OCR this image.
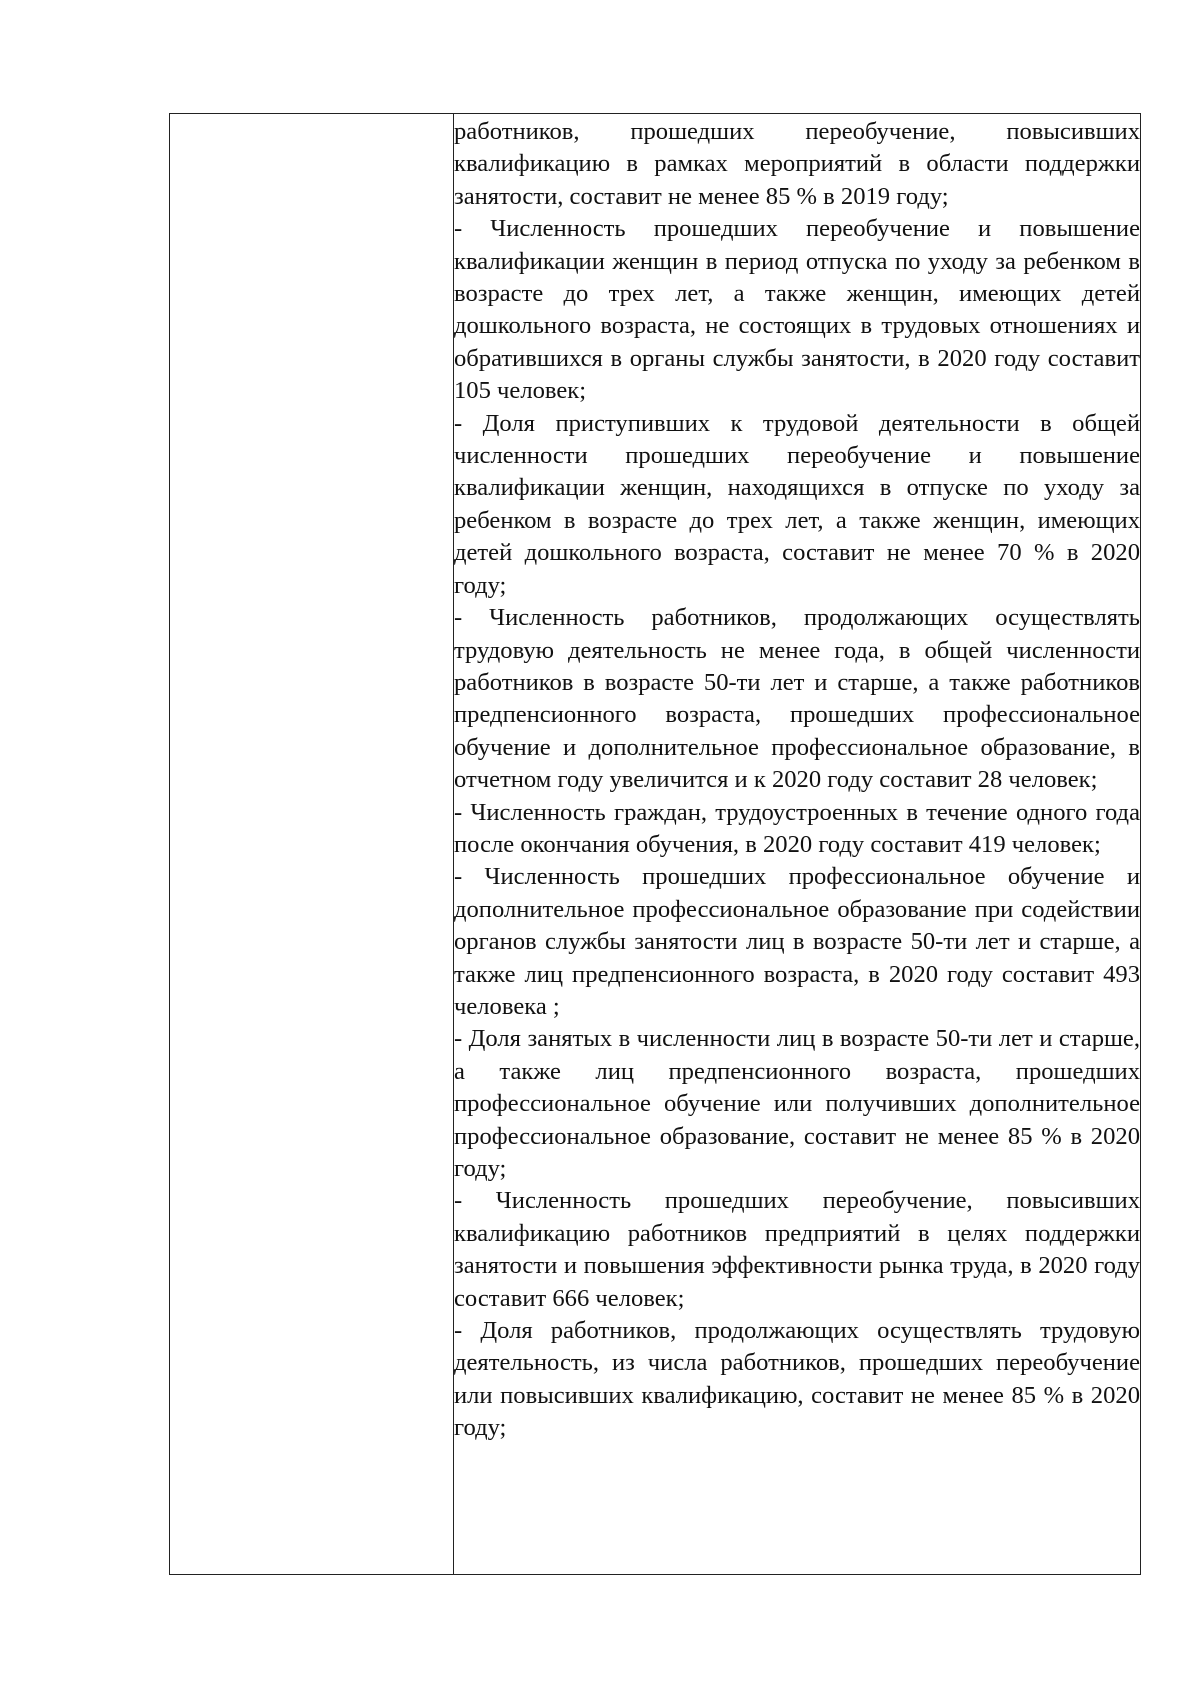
работников, прошедших переобучение, повысивших квалификацию в рамках мероприятий в области поддержки занятости, составит не менее 85 % в 2019 году;

- Численность прошедших переобучение и повышение квалификации женщин в период отпуска по уходу за ребенком в возрасте до трех лет, а также женщин, имеющих детей дошкольного возраста, не состоящих в трудовых отношениях и обратившихся в органы службы занятости, в 2020 году составит 105 человек;

- Доля приступивших к трудовой деятельности в общей численности прошедших переобучение и повышение квалификации женщин, находящихся в отпуске по уходу за ребенком в возрасте до трех лет, а также женщин, имеющих детей дошкольного возраста, составит не менее 70 % в 2020 году;

- Численность работников, продолжающих осуществлять трудовую деятельность не менее года, в общей численности работников в возрасте 50-ти лет и старше, а также работников предпенсионного возраста, прошедших профессиональное обучение и дополнительное профессиональное образование, в отчетном году увеличится и к 2020 году составит 28 человек;

- Численность граждан, трудоустроенных в течение одного года после окончания обучения, в 2020 году составит 419 человек;

- Численность прошедших профессиональное обучение и дополнительное профессиональное образование при содействии органов службы занятости лиц в возрасте 50-ти лет и старше, а также лиц предпенсионного возраста, в 2020 году составит 493 человека ;

- Доля занятых в численности лиц в возрасте 50-ти лет и старше, а также лиц предпенсионного возраста, прошедших профессиональное обучение или получивших дополнительное профессиональное образование, составит не менее 85 % в 2020 году;

- Численность прошедших переобучение, повысивших квалификацию работников предприятий в целях поддержки занятости и повышения эффективности рынка труда, в 2020 году составит 666 человек;

- Доля работников, продолжающих осуществлять трудовую деятельность, из числа работников, прошедших переобучение или повысивших квалификацию, составит не менее 85 % в 2020 году;
